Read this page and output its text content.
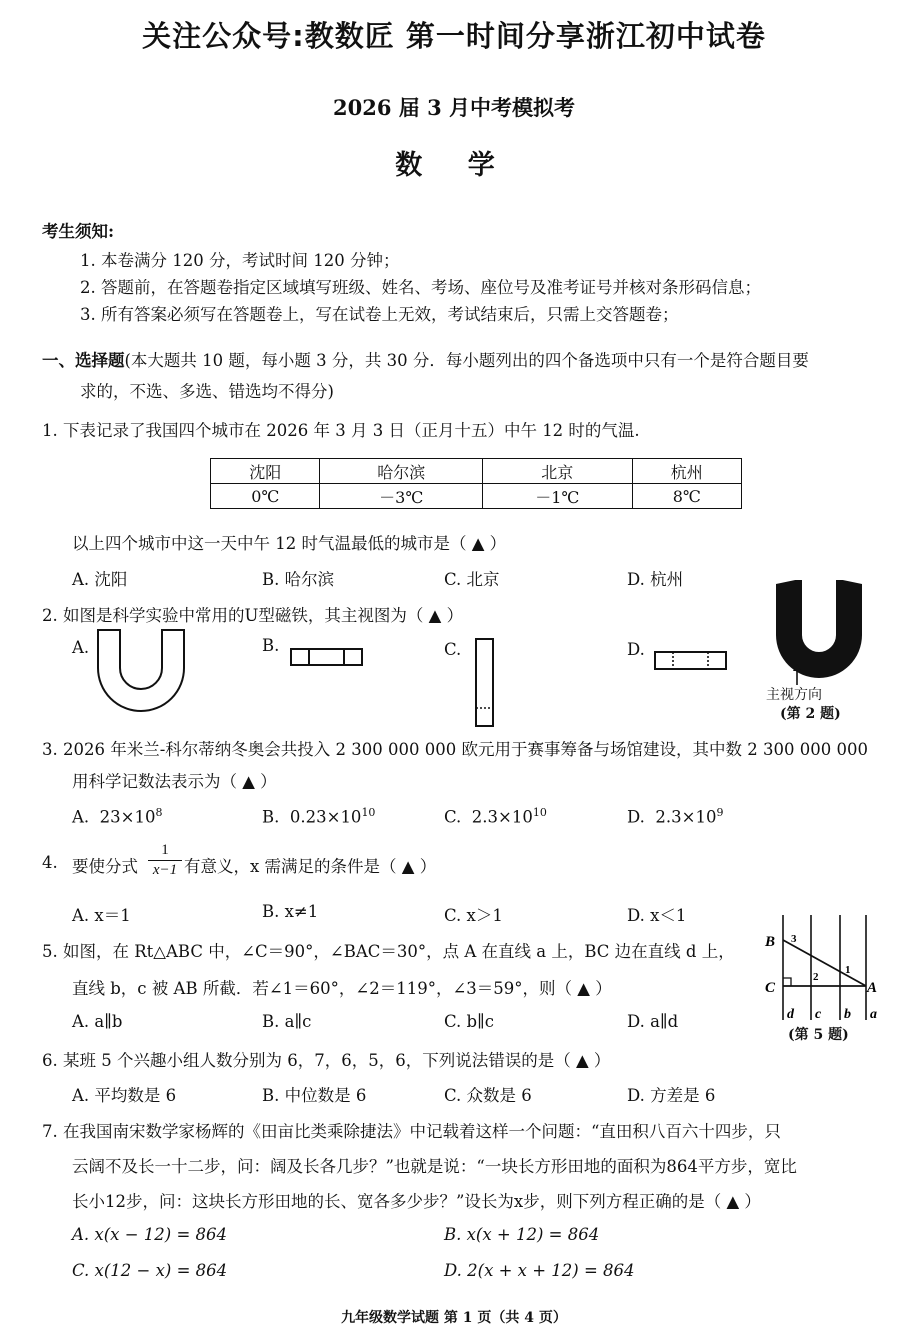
关注公众号:教数匠 第一时间分享浙江初中试卷
2026 届 3 月中考模拟考
数 学
考生须知:
1. 本卷满分 120 分，考试时间 120 分钟；
2. 答题前，在答题卷指定区域填写班级、姓名、考场、座位号及准考证号并核对条形码信息；
3. 所有答案必须写在答题卷上，写在试卷上无效，考试结束后，只需上交答题卷；
一、选择题(本大题共 10 题，每小题 3 分，共 30 分．每小题列出的四个备选项中只有一个是符合题目要
求的，不选、多选、错选均不得分)
1. 下表记录了我国四个城市在 2026 年 3 月 3 日（正月十五）中午 12 时的气温.
沈阳	哈尔滨	北京	杭州
0℃	－3℃	－1℃	8℃
以上四个城市中这一天中午 12 时气温最低的城市是（ ▲ ）
A. 沈阳	B. 哈尔滨	C. 北京	D. 杭州
2. 如图是科学实验中常用的U型磁铁，其主视图为（ ▲ ）
A.	B.	C.	D.
主视方向
(第 2 题)
3. 2026 年米兰-科尔蒂纳冬奥会共投入 2 300 000 000 欧元用于赛事筹备与场馆建设，其中数 2 300 000 000
用科学记数法表示为（ ▲ ）
A. $23\times 10^8$	B. $0.23\times 10^{10}$	C. $2.3\times 10^{10}$	D. $2.3\times 10^9$
4. 要使分式
1
x−1 有意义，x 需满足的条件是（ ▲ ）
A. x＝1	B. x≠1	C. x＞1	D. x＜1
5. 如图，在 Rt△ABC 中，∠C＝90°，∠BAC＝30°，点 A 在直线 a 上，BC 边在直线 d 上，
直线 b，c 被 AB 所截．若∠1＝60°，∠2＝119°，∠3＝59°，则（ ▲ ）
A. a∥b	B. a∥c	C. b∥c	D. a∥d
B
C	A
3
2
1
d c b a
(第 5 题)
6. 某班 5 个兴趣小组人数分别为 6，7，6，5，6，下列说法错误的是（ ▲ ）
A. 平均数是 6	B. 中位数是 6	C. 众数是 6	D. 方差是 6
7. 在我国南宋数学家杨辉的《田亩比类乘除捷法》中记载着这样一个问题：“直田积八百六十四步，只
云阔不及长一十二步，问：阔及长各几步？”也就是说：“一块长方形田地的面积为864平方步，宽比
长小12步，问：这块长方形田地的长、宽各多少步？”设长为x步，则下列方程正确的是（ ▲ ）
A. x(x − 12) = 864	B. x(x + 12) = 864
C. x(12 − x) = 864	D. 2(x + x + 12) = 864
九年级数学试题 第 1 页（共 4 页）
